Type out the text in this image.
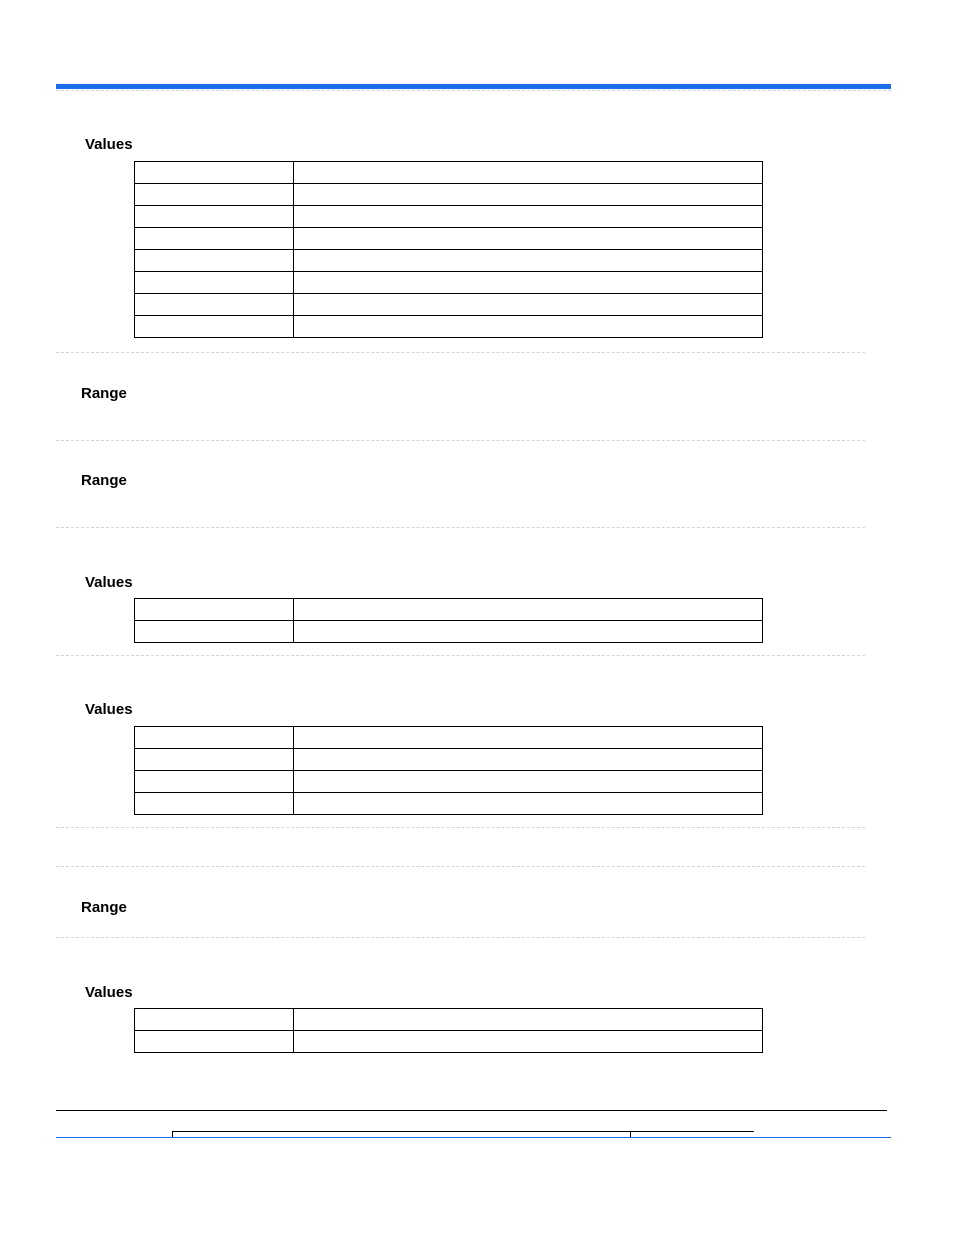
Values

Range
Range
Values

Values

Range
Values
